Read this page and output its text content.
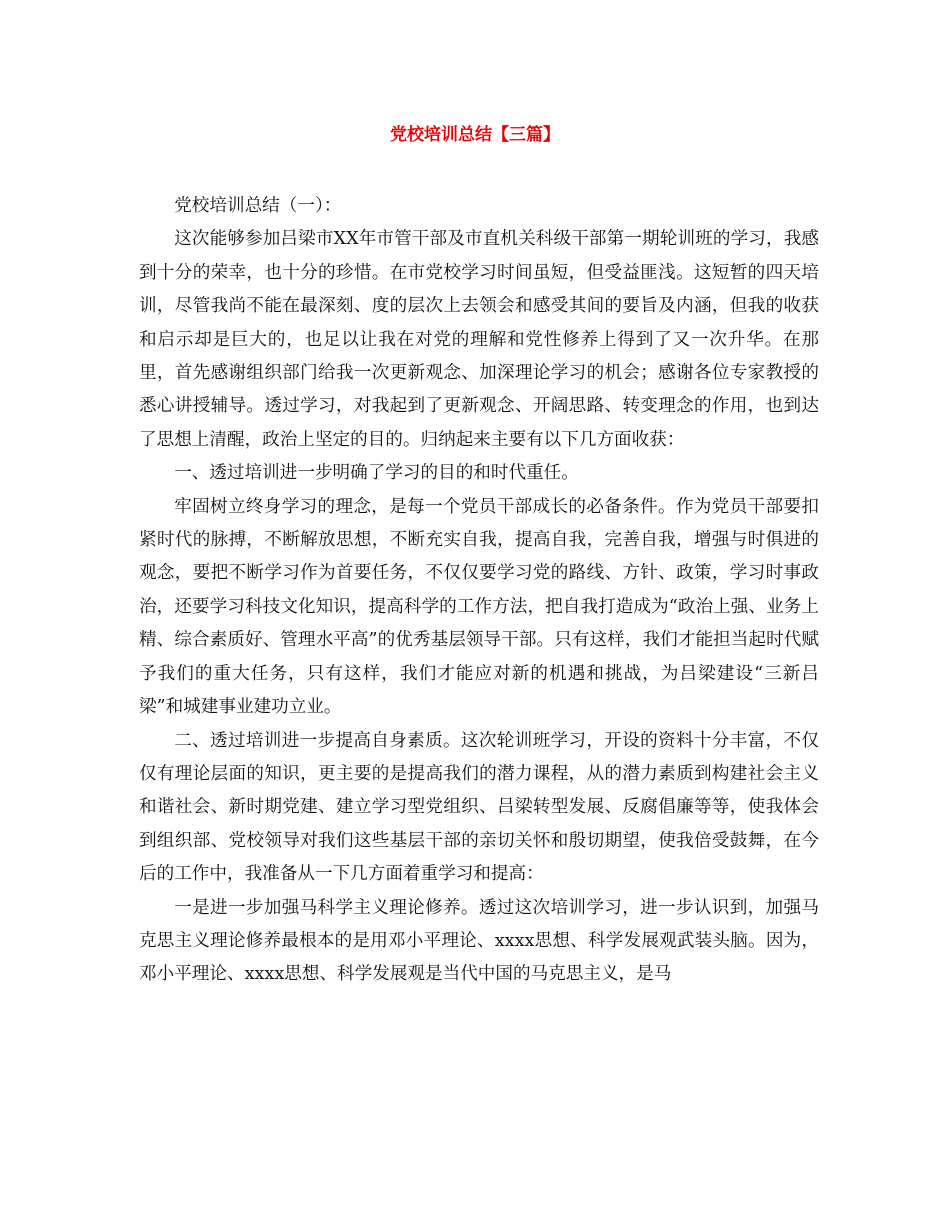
党校培训总结【三篇】

党校培训总结（一）：

这次能够参加吕梁市XX年市管干部及市直机关科级干部第一期轮训班的学习，我感到十分的荣幸，也十分的珍惜。在市党校学习时间虽短，但受益匪浅。这短暂的四天培训，尽管我尚不能在最深刻、度的层次上去领会和感受其间的要旨及内涵，但我的收获和启示却是巨大的，也足以让我在对党的理解和党性修养上得到了又一次升华。在那里，首先感谢组织部门给我一次更新观念、加深理论学习的机会；感谢各位专家教授的悉心讲授辅导。透过学习，对我起到了更新观念、开阔思路、转变理念的作用，也到达了思想上清醒，政治上坚定的目的。归纳起来主要有以下几方面收获：

一、透过培训进一步明确了学习的目的和时代重任。

牢固树立终身学习的理念，是每一个党员干部成长的必备条件。作为党员干部要扣紧时代的脉搏，不断解放思想，不断充实自我，提高自我，完善自我，增强与时俱进的观念，要把不断学习作为首要任务，不仅仅要学习党的路线、方针、政策，学习时事政治，还要学习科技文化知识，提高科学的工作方法，把自我打造成为“政治上强、业务上精、综合素质好、管理水平高”的优秀基层领导干部。只有这样，我们才能担当起时代赋予我们的重大任务，只有这样，我们才能应对新的机遇和挑战，为吕梁建设“三新吕梁”和城建事业建功立业。

二、透过培训进一步提高自身素质。这次轮训班学习，开设的资料十分丰富，不仅仅有理论层面的知识，更主要的是提高我们的潜力课程，从的潜力素质到构建社会主义和谐社会、新时期党建、建立学习型党组织、吕梁转型发展、反腐倡廉等等，使我体会到组织部、党校领导对我们这些基层干部的亲切关怀和殷切期望，使我倍受鼓舞，在今后的工作中，我准备从一下几方面着重学习和提高：

一是进一步加强马科学主义理论修养。透过这次培训学习，进一步认识到，加强马克思主义理论修养最根本的是用邓小平理论、xxxx思想、科学发展观武装头脑。因为，邓小平理论、xxxx思想、科学发展观是当代中国的马克思主义，是马
